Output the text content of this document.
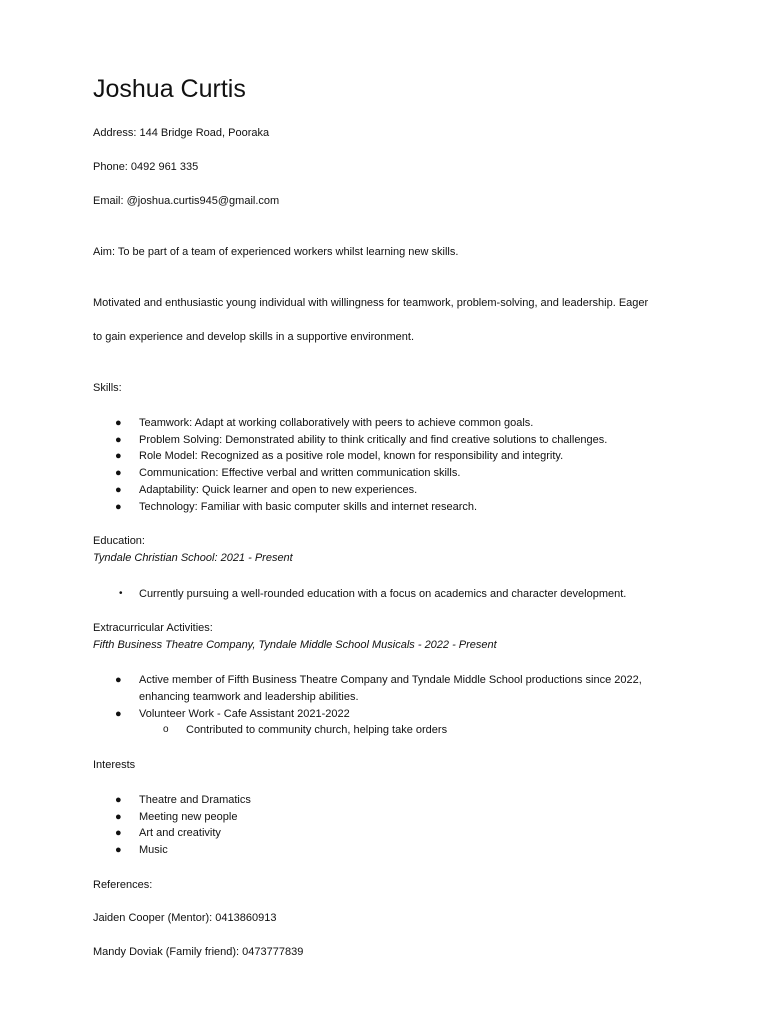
Joshua Curtis
Address: 144 Bridge Road, Pooraka
Phone: 0492 961 335
Email: @joshua.curtis945@gmail.com
Aim: To be part of a team of experienced workers whilst learning new skills.
Motivated and enthusiastic young individual with willingness for teamwork, problem-solving, and leadership. Eager
to gain experience and develop skills in a supportive environment.
Skills:
● Teamwork: Adapt at working collaboratively with peers to achieve common goals.
● Problem Solving: Demonstrated ability to think critically and find creative solutions to challenges.
● Role Model: Recognized as a positive role model, known for responsibility and integrity.
● Communication: Effective verbal and written communication skills.
● Adaptability: Quick learner and open to new experiences.
● Technology: Familiar with basic computer skills and internet research.
Education:
Tyndale Christian School: 2021 - Present
• Currently pursuing a well-rounded education with a focus on academics and character development.
Extracurricular Activities:
Fifth Business Theatre Company, Tyndale Middle School Musicals - 2022 - Present
● Active member of Fifth Business Theatre Company and Tyndale Middle School productions since 2022,
enhancing teamwork and leadership abilities.
● Volunteer Work - Cafe Assistant 2021-2022
o Contributed to community church, helping take orders
Interests
● Theatre and Dramatics
● Meeting new people
● Art and creativity
● Music
References:
Jaiden Cooper (Mentor): 0413860913
Mandy Doviak (Family friend): 0473777839
